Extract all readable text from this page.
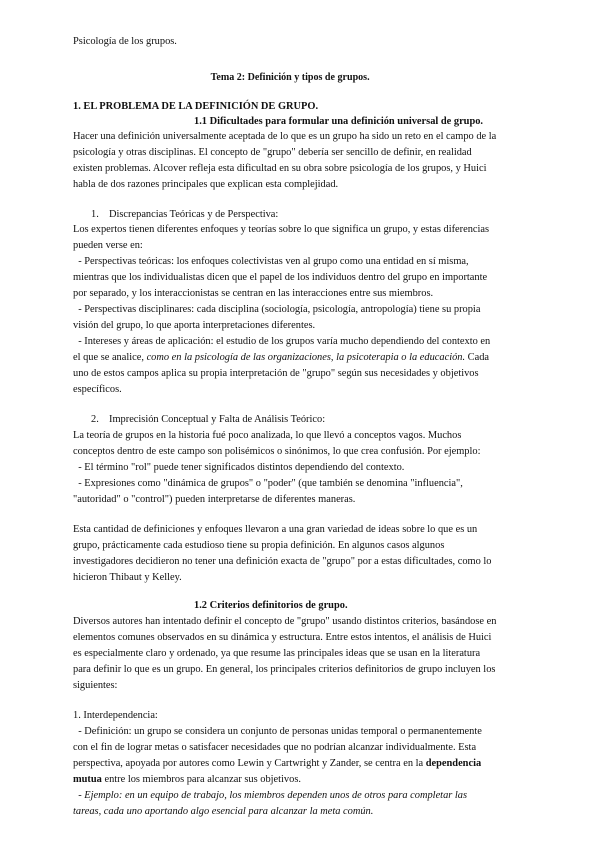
Psicología de los grupos.
Tema 2: Definición y tipos de grupos.
1. EL PROBLEMA DE LA DEFINICIÓN DE GRUPO.
1.1 Dificultades para formular una definición universal de grupo.
Hacer una definición universalmente aceptada de lo que es un grupo ha sido un reto en el campo de la
psicología y otras disciplinas. El concepto de "grupo" debería ser sencillo de definir, en realidad
existen problemas. Alcover refleja esta dificultad en su obra sobre psicología de los grupos, y Huici
habla de dos razones principales que explican esta complejidad.
1. Discrepancias Teóricas y de Perspectiva:
Los expertos tienen diferentes enfoques y teorías sobre lo que significa un grupo, y estas diferencias
pueden verse en:
- Perspectivas teóricas: los enfoques colectivistas ven al grupo como una entidad en sí misma,
mientras que los individualistas dicen que el papel de los individuos dentro del grupo en importante
por separado, y los interaccionistas se centran en las interacciones entre sus miembros.
- Perspectivas disciplinares: cada disciplina (sociología, psicología, antropología) tiene su propia
visión del grupo, lo que aporta interpretaciones diferentes.
- Intereses y áreas de aplicación: el estudio de los grupos varía mucho dependiendo del contexto en
el que se analice, como en la psicología de las organizaciones, la psicoterapia o la educación. Cada
uno de estos campos aplica su propia interpretación de "grupo" según sus necesidades y objetivos
específicos.
2. Imprecisión Conceptual y Falta de Análisis Teórico:
La teoría de grupos en la historia fué poco analizada, lo que llevó a conceptos vagos. Muchos
conceptos dentro de este campo son polisémicos o sinónimos, lo que crea confusión. Por ejemplo:
- El término "rol" puede tener significados distintos dependiendo del contexto.
- Expresiones como "dinámica de grupos" o "poder" (que también se denomina "influencia",
"autoridad" o "control") pueden interpretarse de diferentes maneras.
Esta cantidad de definiciones y enfoques llevaron a una gran variedad de ideas sobre lo que es un
grupo, prácticamente cada estudioso tiene su propia definición. En algunos casos algunos
investigadores decidieron no tener una definición exacta de "grupo" por a estas dificultades, como lo
hicieron Thibaut y Kelley.
1.2 Criterios definitorios de grupo.
Diversos autores han intentado definir el concepto de "grupo" usando distintos criterios, basándose en
elementos comunes observados en su dinámica y estructura. Entre estos intentos, el análisis de Huici
es especialmente claro y ordenado, ya que resume las principales ideas que se usan en la literatura
para definir lo que es un grupo. En general, los principales criterios definitorios de grupo incluyen los
siguientes:
1. Interdependencia:
- Definición: un grupo se considera un conjunto de personas unidas temporal o permanentemente
con el fin de lograr metas o satisfacer necesidades que no podrían alcanzar individualmente. Esta
perspectiva, apoyada por autores como Lewin y Cartwright y Zander, se centra en la dependencia
mutua entre los miembros para alcanzar sus objetivos.
- Ejemplo: en un equipo de trabajo, los miembros dependen unos de otros para completar las
tareas, cada uno aportando algo esencial para alcanzar la meta común.
